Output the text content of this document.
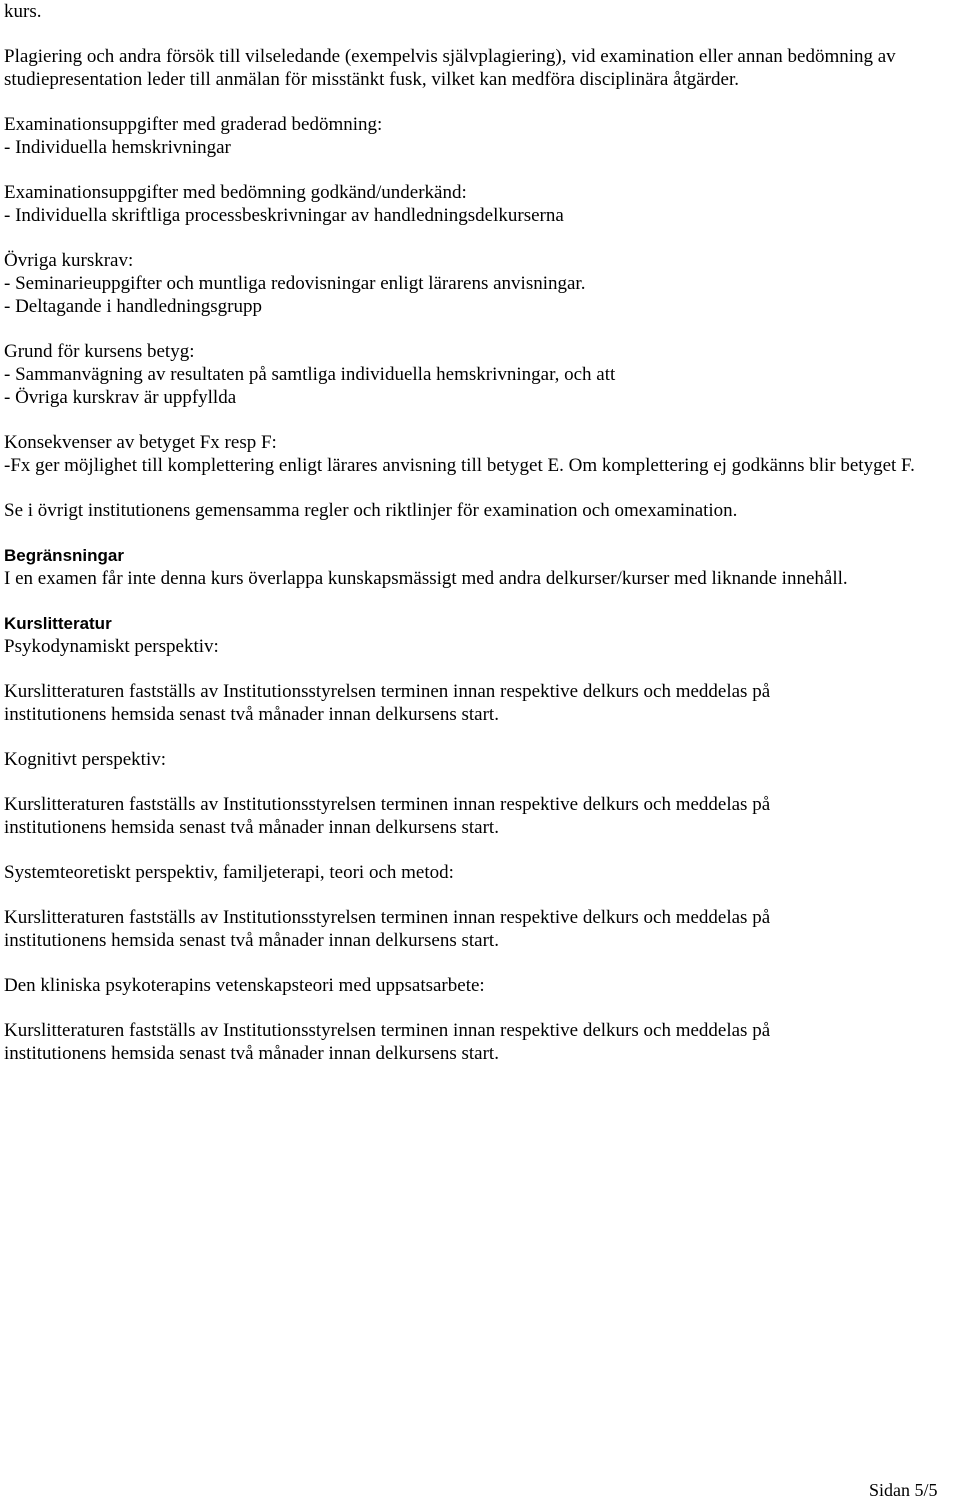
kurs.

Plagiering och andra försök till vilseledande (exempelvis självplagiering), vid examination eller annan bedömning av studiepresentation leder till anmälan för misstänkt fusk, vilket kan medföra disciplinära åtgärder.

Examinationsuppgifter med graderad bedömning:

- Individuella hemskrivningar

Examinationsuppgifter med bedömning godkänd/underkänd:

- Individuella skriftliga processbeskrivningar av handledningsdelkurserna

Övriga kurskrav:

- Seminarieuppgifter och muntliga redovisningar enligt lärarens anvisningar.

- Deltagande i handledningsgrupp

Grund för kursens betyg:

- Sammanvägning av resultaten på samtliga individuella hemskrivningar, och att

- Övriga kurskrav är uppfyllda

Konsekvenser av betyget Fx resp F:

-Fx ger möjlighet till komplettering enligt lärares anvisning till betyget E. Om komplettering ej godkänns blir betyget F.

Se i övrigt institutionens gemensamma regler och riktlinjer för examination och omexamination.

Begränsningar

I en examen får inte denna kurs överlappa kunskapsmässigt med andra delkurser/kurser med liknande innehåll.

Kurslitteratur

Psykodynamiskt perspektiv:

Kurslitteraturen fastställs av Institutionsstyrelsen terminen innan respektive delkurs och meddelas på

institutionens hemsida senast två månader innan delkursens start.

Kognitivt perspektiv:

Kurslitteraturen fastställs av Institutionsstyrelsen terminen innan respektive delkurs och meddelas på

institutionens hemsida senast två månader innan delkursens start.

Systemteoretiskt perspektiv, familjeterapi, teori och metod:

Kurslitteraturen fastställs av Institutionsstyrelsen terminen innan respektive delkurs och meddelas på

institutionens hemsida senast två månader innan delkursens start.

Den kliniska psykoterapins vetenskapsteori med uppsatsarbete:

Kurslitteraturen fastställs av Institutionsstyrelsen terminen innan respektive delkurs och meddelas på

institutionens hemsida senast två månader innan delkursens start.

Sidan 5/5
